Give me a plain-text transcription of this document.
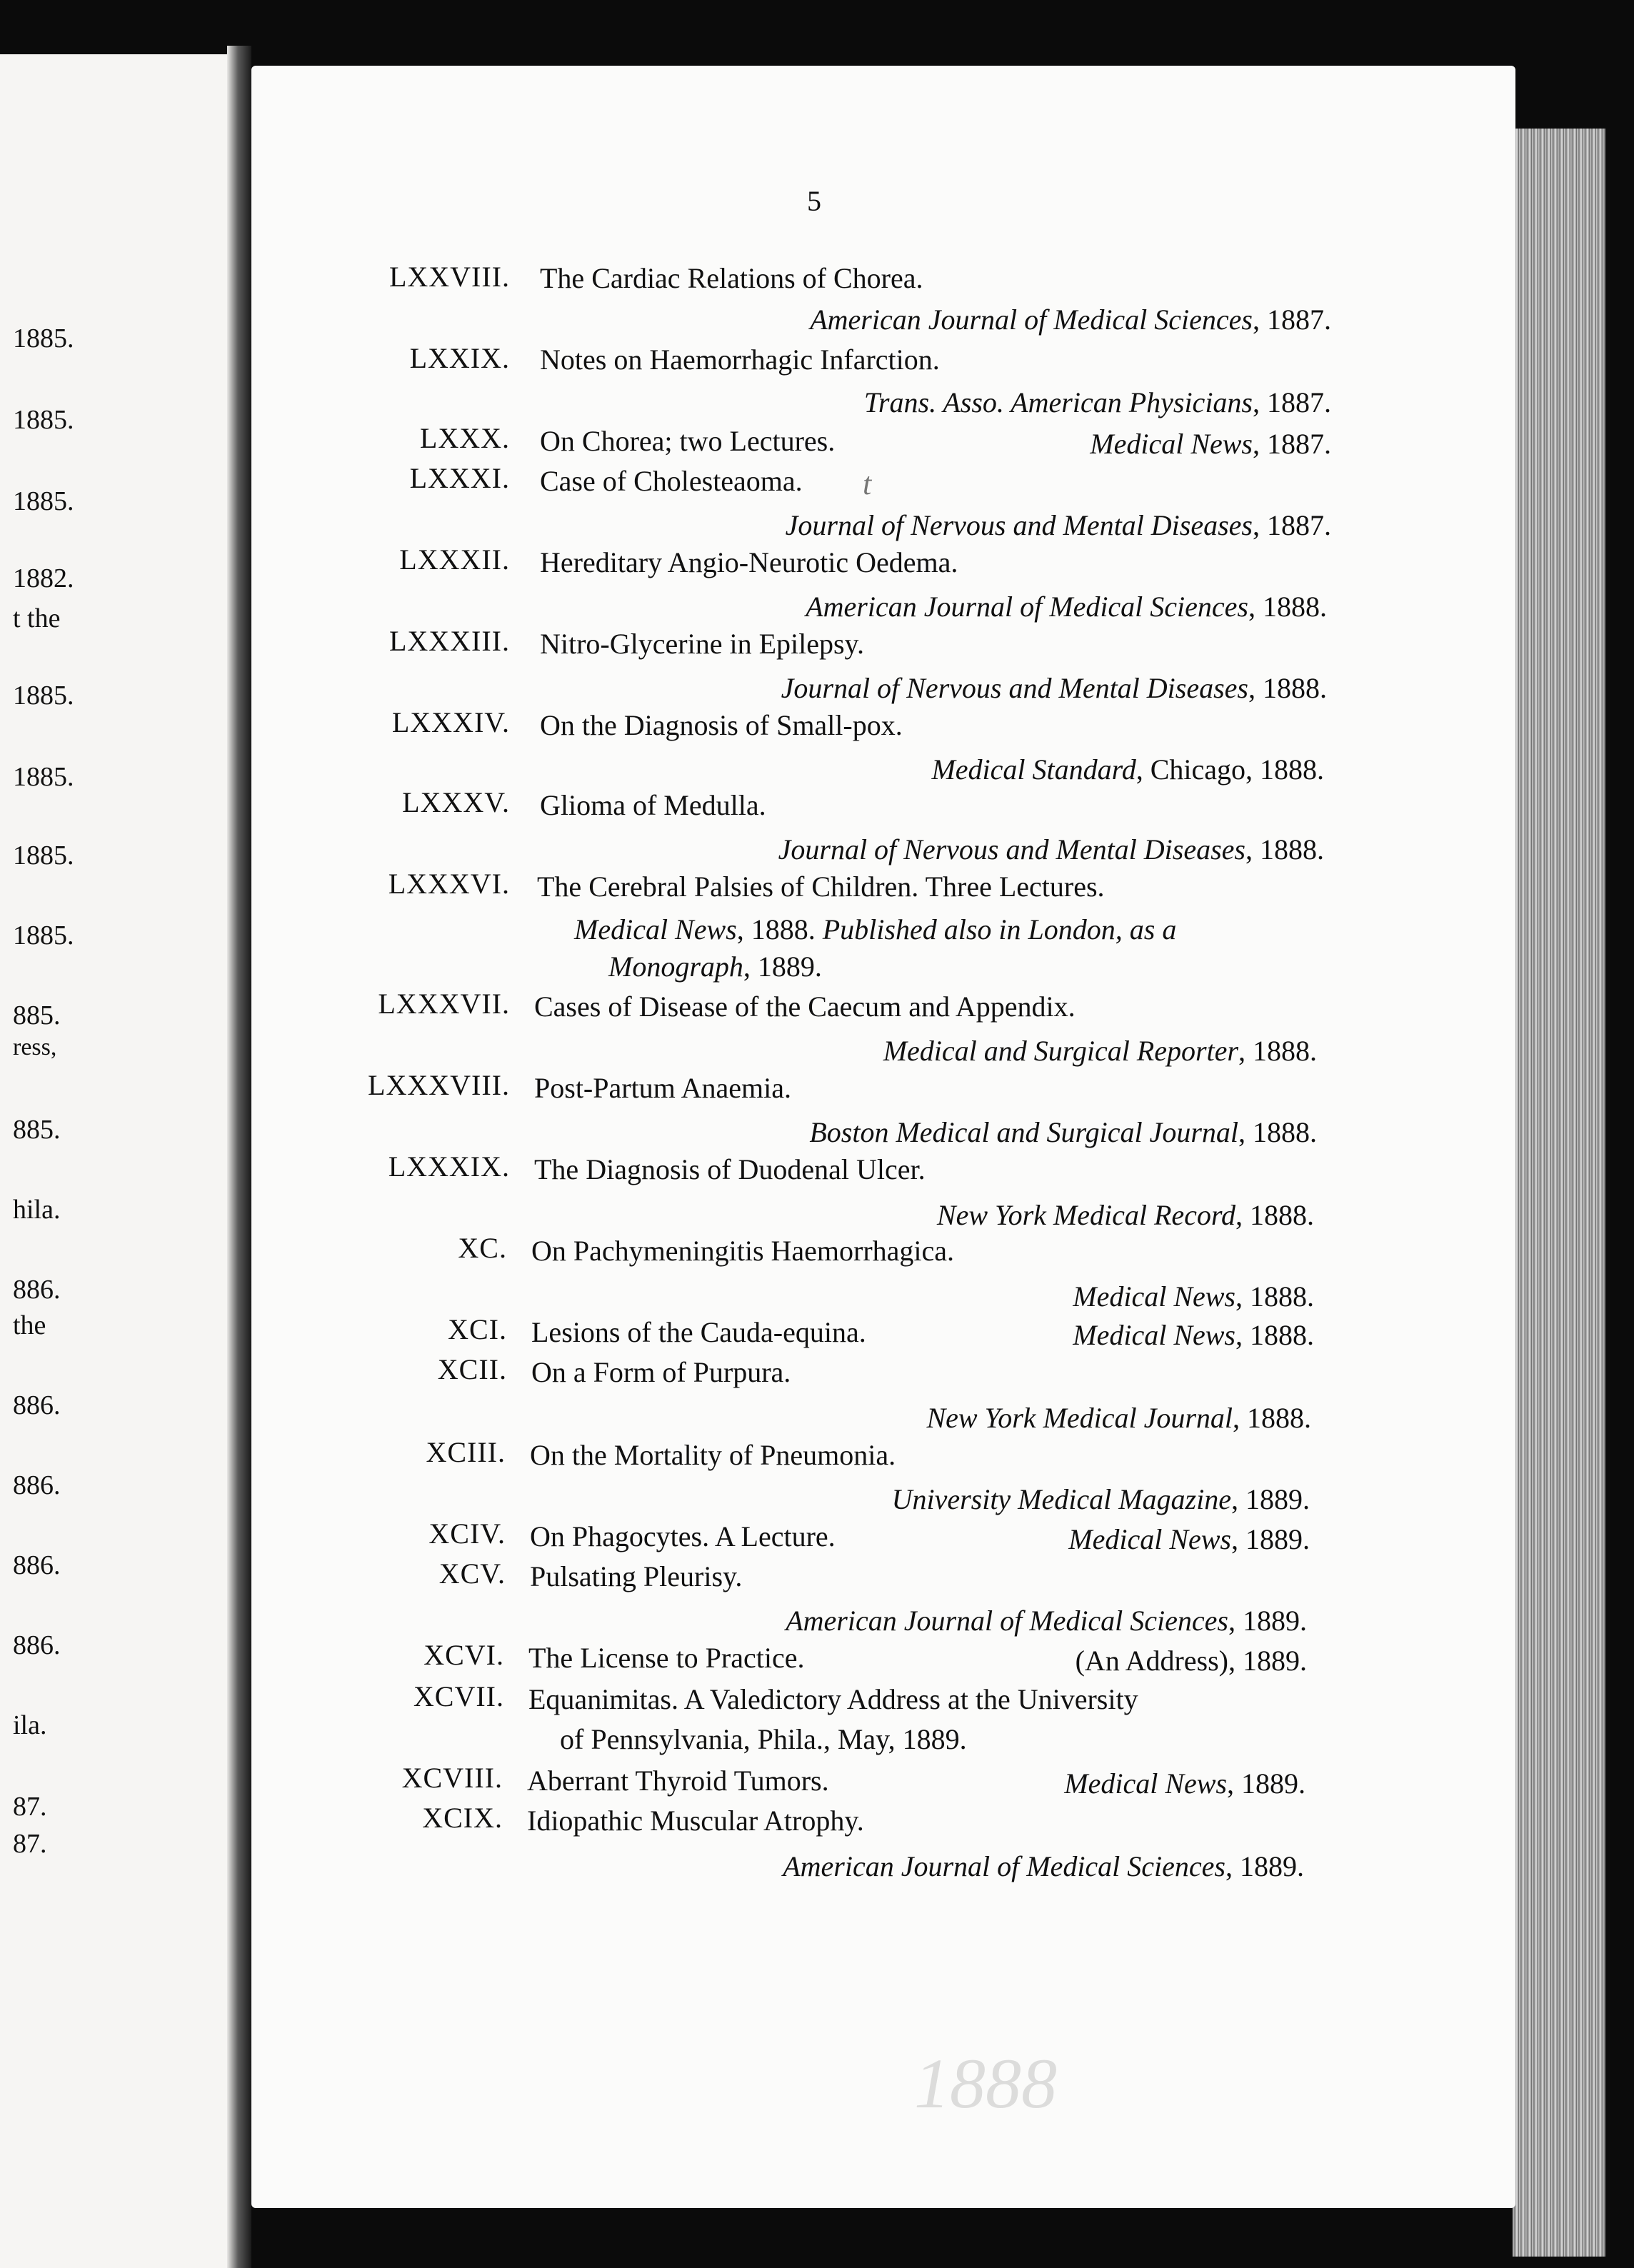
1885.
1885.
1885.
1882.
t the
1885.
1885.
1885.
1885.
885.
ress,
885.
hila.
886.
the
886.
886.
886.
886.
ila.
87.
87.
5
LXXVIII. The Cardiac Relations of Chorea.
American Journal of Medical Sciences, 1887.
LXXIX. Notes on Haemorrhagic Infarction.
Trans. Asso. American Physicians, 1887.
LXXX. On Chorea; two Lectures.	Medical News, 1887.
LXXXI. Case of Cholesteaoma. t
Journal of Nervous and Mental Diseases, 1887.
LXXXII. Hereditary Angio-Neurotic Oedema.
American Journal of Medical Sciences, 1888.
LXXXIII. Nitro-Glycerine in Epilepsy.
Journal of Nervous and Mental Diseases, 1888.
LXXXIV. On the Diagnosis of Small-pox.
Medical Standard, Chicago, 1888.
LXXXV. Glioma of Medulla.
Journal of Nervous and Mental Diseases, 1888.
LXXXVI. The Cerebral Palsies of Children. Three Lectures.
Medical News, 1888. Published also in London, as a
Monograph, 1889.
LXXXVII. Cases of Disease of the Caecum and Appendix.
Medical and Surgical Reporter, 1888.
LXXXVIII. Post-Partum Anaemia.
Boston Medical and Surgical Journal, 1888.
LXXXIX. The Diagnosis of Duodenal Ulcer.
New York Medical Record, 1888.
XC. On Pachymeningitis Haemorrhagica.
Medical News, 1888.
XCI. Lesions of the Cauda-equina.	Medical News, 1888.
XCII. On a Form of Purpura.
New York Medical Journal, 1888.
XCIII. On the Mortality of Pneumonia.
University Medical Magazine, 1889.
XCIV. On Phagocytes. A Lecture.	Medical News, 1889.
XCV. Pulsating Pleurisy.
American Journal of Medical Sciences, 1889.
XCVI. The License to Practice.	(An Address), 1889.
XCVII. Equanimitas. A Valedictory Address at the University
of Pennsylvania, Phila., May, 1889.
XCVIII. Aberrant Thyroid Tumors.	Medical News, 1889.
XCIX. Idiopathic Muscular Atrophy.
American Journal of Medical Sciences, 1889.
1888
